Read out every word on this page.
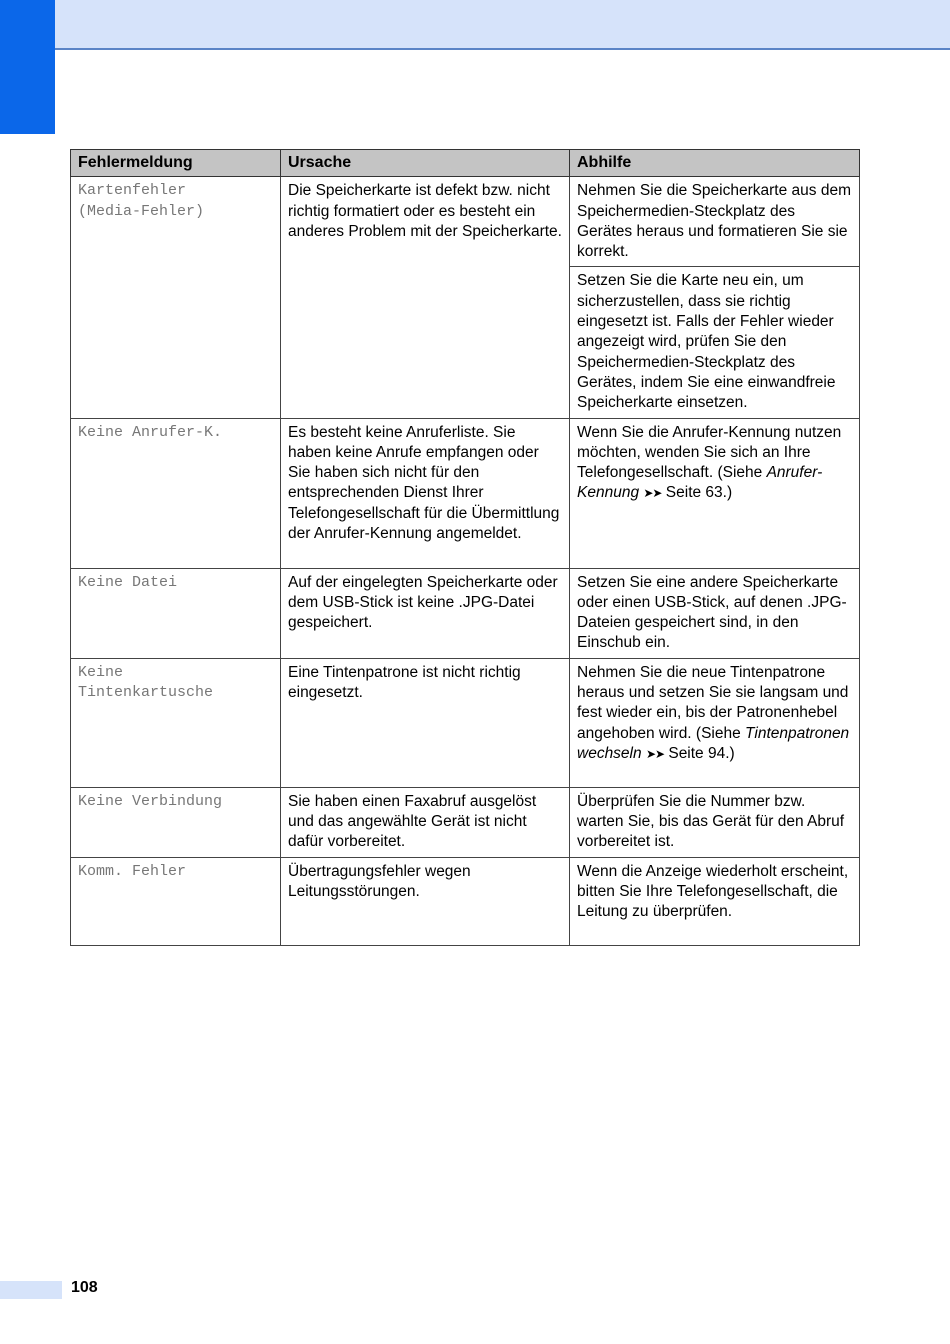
Fehlermeldung	Ursache	Abhilfe
Kartenfehler
(Media-Fehler)	Die Speicherkarte ist defekt bzw. nicht richtig formatiert oder es besteht ein anderes Problem mit der Speicherkarte.	Nehmen Sie die Speicherkarte aus dem Speichermedien-Steckplatz des Gerätes heraus und formatieren Sie sie korrekt.
		Setzen Sie die Karte neu ein, um sicherzustellen, dass sie richtig eingesetzt ist. Falls der Fehler wieder angezeigt wird, prüfen Sie den Speichermedien-Steckplatz des Gerätes, indem Sie eine einwandfreie Speicherkarte einsetzen.
Keine Anrufer-K.	Es besteht keine Anruferliste. Sie haben keine Anrufe empfangen oder Sie haben sich nicht für den entsprechenden Dienst Ihrer Telefongesellschaft für die Übermittlung der Anrufer-Kennung angemeldet.	Wenn Sie die Anrufer-Kennung nutzen möchten, wenden Sie sich an Ihre Telefongesellschaft. (Siehe Anrufer-Kennung ➤➤ Seite 63.)
Keine Datei	Auf der eingelegten Speicherkarte oder dem USB-Stick ist keine .JPG-Datei gespeichert.	Setzen Sie eine andere Speicherkarte oder einen USB-Stick, auf denen .JPG-Dateien gespeichert sind, in den Einschub ein.
Keine
Tintenkartusche	Eine Tintenpatrone ist nicht richtig eingesetzt.	Nehmen Sie die neue Tintenpatrone heraus und setzen Sie sie langsam und fest wieder ein, bis der Patronenhebel angehoben wird. (Siehe Tintenpatronen wechseln ➤➤ Seite 94.)
Keine Verbindung	Sie haben einen Faxabruf ausgelöst und das angewählte Gerät ist nicht dafür vorbereitet.	Überprüfen Sie die Nummer bzw. warten Sie, bis das Gerät für den Abruf vorbereitet ist.
Komm. Fehler	Übertragungsfehler wegen Leitungsstörungen.	Wenn die Anzeige wiederholt erscheint, bitten Sie Ihre Telefongesellschaft, die Leitung zu überprüfen.
108
